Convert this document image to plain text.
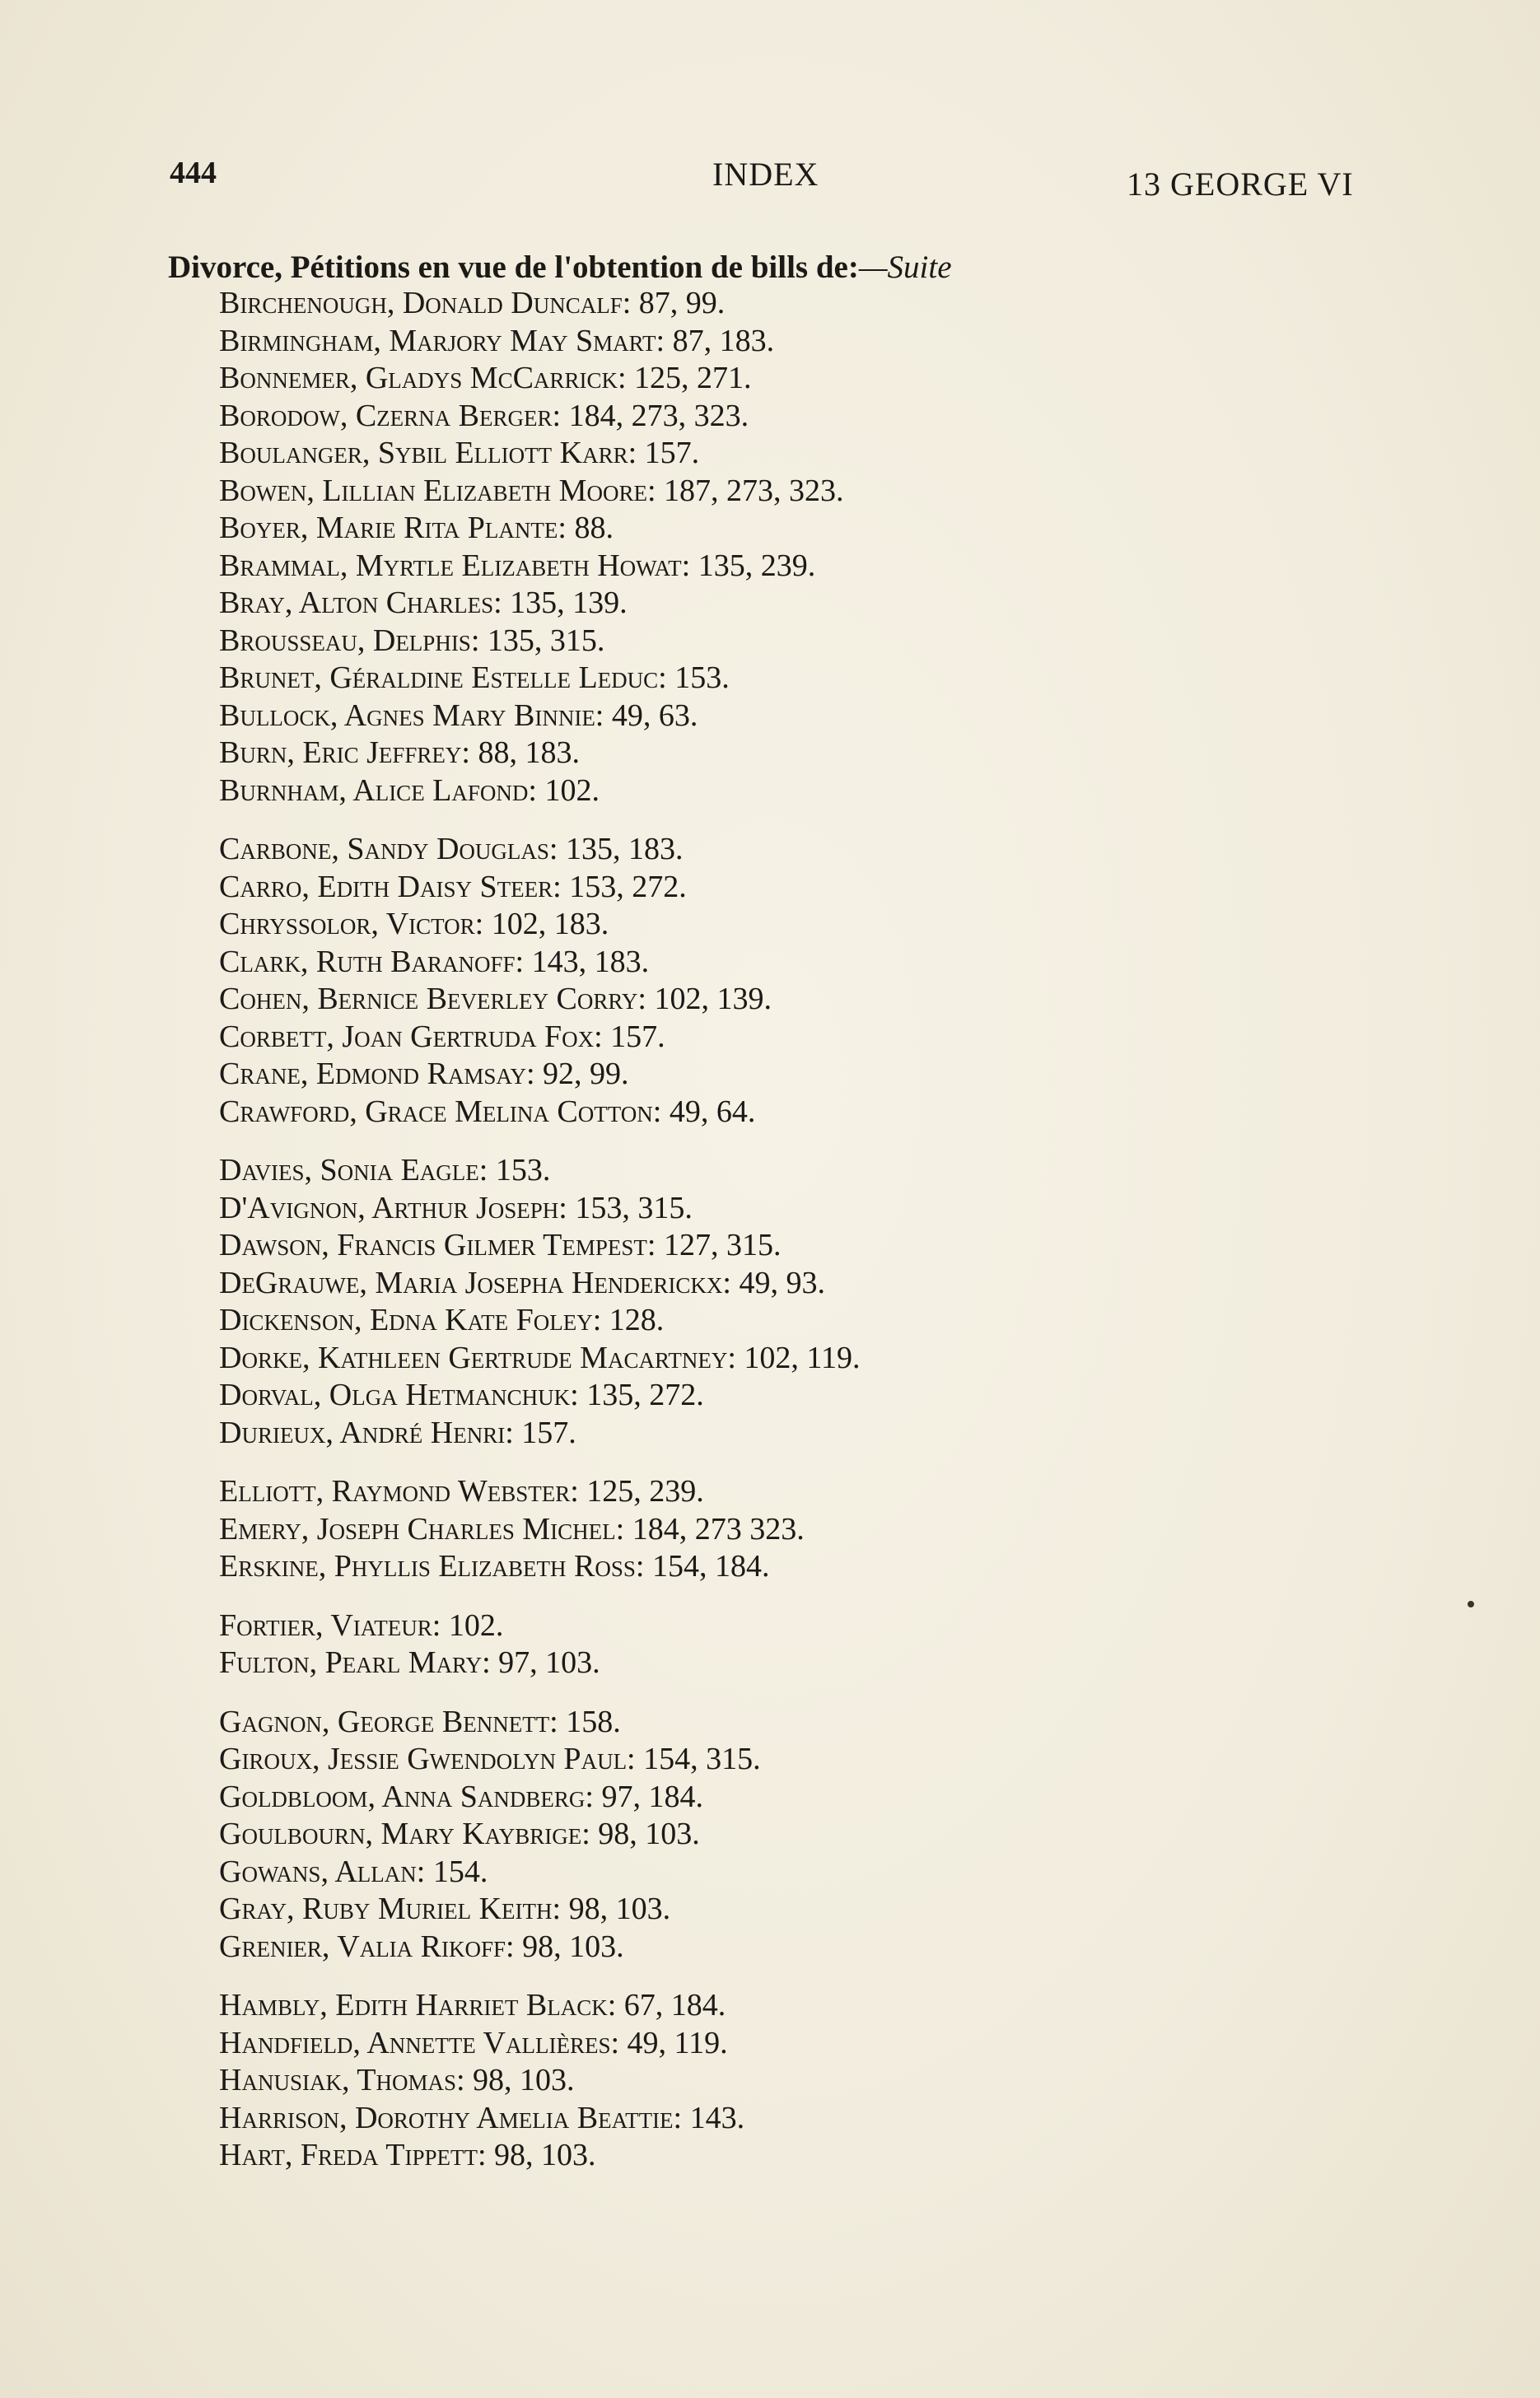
444	INDEX	13 GEORGE VI
Divorce, Pétitions en vue de l'obtention de bills de:—Suite
Birchenough, Donald Duncalf: 87, 99.
Birmingham, Marjory May Smart: 87, 183.
Bonnemer, Gladys McCarrick: 125, 271.
Borodow, Czerna Berger: 184, 273, 323.
Boulanger, Sybil Elliott Karr: 157.
Bowen, Lillian Elizabeth Moore: 187, 273, 323.
Boyer, Marie Rita Plante: 88.
Brammal, Myrtle Elizabeth Howat: 135, 239.
Bray, Alton Charles: 135, 139.
Brousseau, Delphis: 135, 315.
Brunet, Géraldine Estelle Leduc: 153.
Bullock, Agnes Mary Binnie: 49, 63.
Burn, Eric Jeffrey: 88, 183.
Burnham, Alice Lafond: 102.
Carbone, Sandy Douglas: 135, 183.
Carro, Edith Daisy Steer: 153, 272.
Chryssolor, Victor: 102, 183.
Clark, Ruth Baranoff: 143, 183.
Cohen, Bernice Beverley Corry: 102, 139.
Corbett, Joan Gertruda Fox: 157.
Crane, Edmond Ramsay: 92, 99.
Crawford, Grace Melina Cotton: 49, 64.
Davies, Sonia Eagle: 153.
D'Avignon, Arthur Joseph: 153, 315.
Dawson, Francis Gilmer Tempest: 127, 315.
DeGrauwe, Maria Josepha Henderickx: 49, 93.
Dickenson, Edna Kate Foley: 128.
Dorke, Kathleen Gertrude Macartney: 102, 119.
Dorval, Olga Hetmanchuk: 135, 272.
Durieux, André Henri: 157.
Elliott, Raymond Webster: 125, 239.
Emery, Joseph Charles Michel: 184, 273 323.
Erskine, Phyllis Elizabeth Ross: 154, 184.
Fortier, Viateur: 102.
Fulton, Pearl Mary: 97, 103.
Gagnon, George Bennett: 158.
Giroux, Jessie Gwendolyn Paul: 154, 315.
Goldbloom, Anna Sandberg: 97, 184.
Goulbourn, Mary Kaybrige: 98, 103.
Gowans, Allan: 154.
Gray, Ruby Muriel Keith: 98, 103.
Grenier, Valia Rikoff: 98, 103.
Hambly, Edith Harriet Black: 67, 184.
Handfield, Annette Vallières: 49, 119.
Hanusiak, Thomas: 98, 103.
Harrison, Dorothy Amelia Beattie: 143.
Hart, Freda Tippett: 98, 103.
